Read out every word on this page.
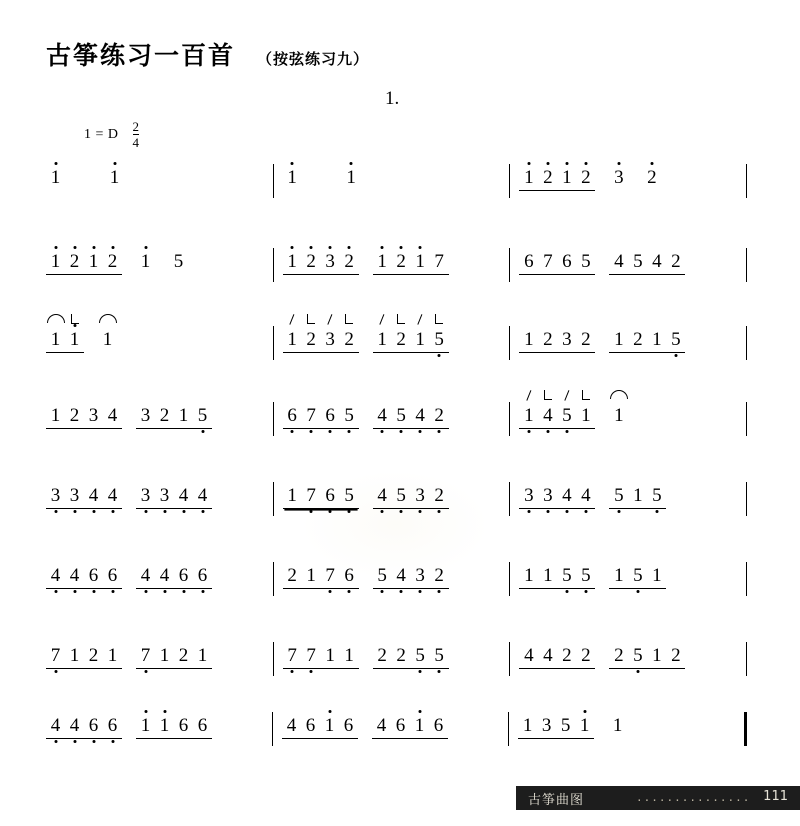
古筝练习一百首 （按弦练习九）
1.
1 = D $\frac{2}{4}$
1	1	1	1	1 2 1 2 3 2
1 2 1 2 1 5	1 2 3 2 1 2 1 7	6 7 6 5 4 5 4 2
1 1 1	1 2 3 2 1 2 1 5	1 2 3 2 1 2 1 5
1 2 3 4 3 2 1 5	6 7 6 5 4 5 4 2	1 4 5 1 1
3 3 4 4 3 3 4 4	1 7 6 5 4 5 3 2	3 3 4 4 5 1 5
4 4 6 6 4 4 6 6	2 1 7 6 5 4 3 2	1 1 5 5 1 5 1
7 1 2 1 7 1 2 1	7 7 1 1 2 2 5 5	4 4 2 2 2 5 1 2
4 4 6 6 1 1 6 6	4 6 1 6 4 6 1 6	1 3 5 1 1
古筝曲图	··············· 111
